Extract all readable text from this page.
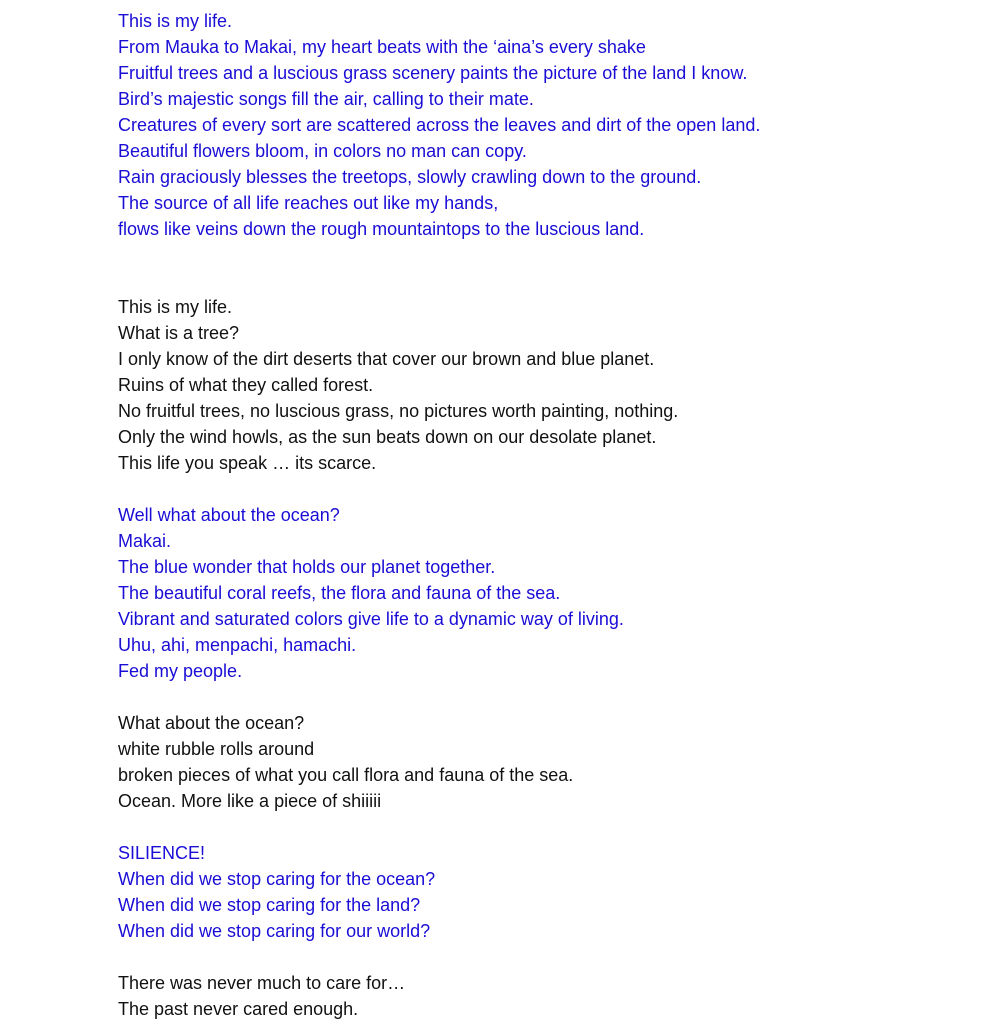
This is my life.
From Mauka to Makai, my heart beats with the ‘aina’s every shake
Fruitful trees and a luscious grass scenery paints the picture of the land I know.
Bird’s majestic songs fill the air, calling to their mate.
Creatures of every sort are scattered across the leaves and dirt of the open land.
Beautiful flowers bloom, in colors no man can copy.
Rain graciously blesses the treetops, slowly crawling down to the ground.
The source of all life reaches out like my hands,
flows like veins down the rough mountaintops to the luscious land.
This is my life.
What is a tree?
I only know of the dirt deserts that cover our brown and blue planet.
Ruins of what they called forest.
No fruitful trees, no luscious grass, no pictures worth painting, nothing.
Only the wind howls, as the sun beats down on our desolate planet.
This life you speak … its scarce.
Well what about the ocean?
Makai.
The blue wonder that holds our planet together.
The beautiful coral reefs, the flora and fauna of the sea.
Vibrant and saturated colors give life to a dynamic way of living.
Uhu, ahi, menpachi, hamachi.
Fed my people.
What about the ocean?
white rubble rolls around
broken pieces of what you call flora and fauna of the sea.
Ocean. More like a piece of shiiiii
SILIENCE!
When did we stop caring for the ocean?
When did we stop caring for the land?
When did we stop caring for our world?
There was never much to care for…
The past never cared enough.
